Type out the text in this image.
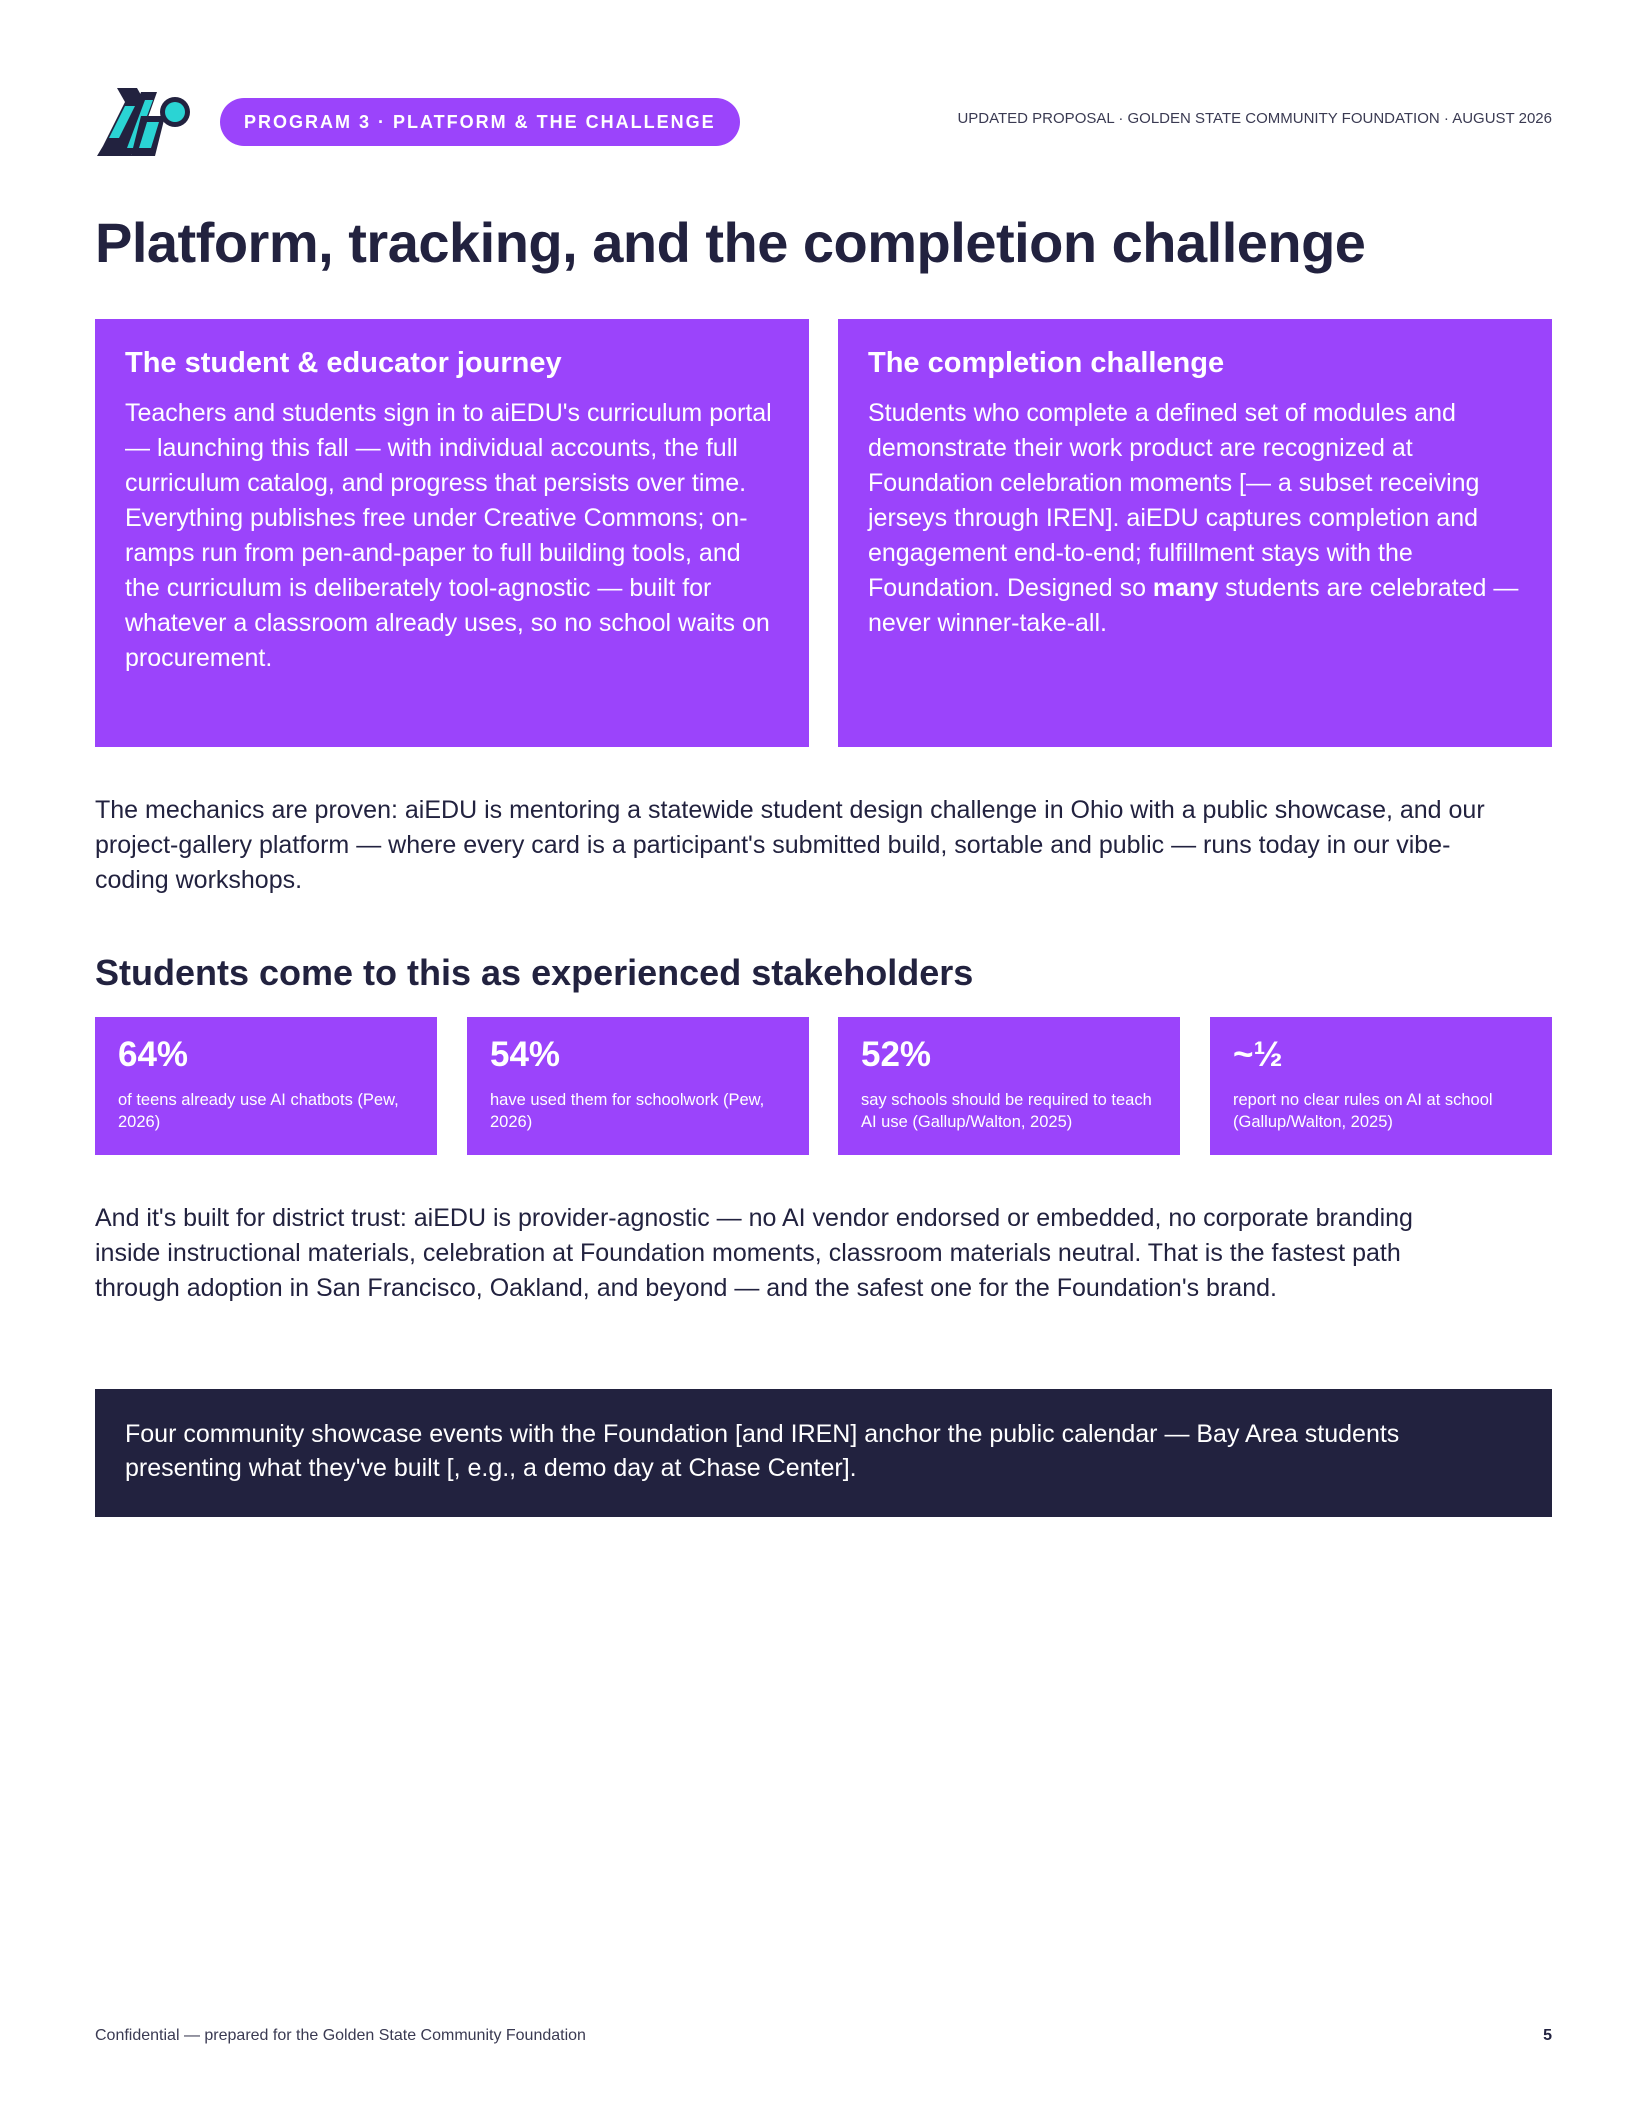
PROGRAM 3 · PLATFORM & THE CHALLENGE	UPDATED PROPOSAL · GOLDEN STATE COMMUNITY FOUNDATION · AUGUST 2026
Platform, tracking, and the completion challenge
The student & educator journey

Teachers and students sign in to aiEDU's curriculum portal — launching this fall — with individual accounts, the full curriculum catalog, and progress that persists over time. Everything publishes free under Creative Commons; on-ramps run from pen-and-paper to full building tools, and the curriculum is deliberately tool-agnostic — built for whatever a classroom already uses, so no school waits on procurement.

The completion challenge

Students who complete a defined set of modules and demonstrate their work product are recognized at Foundation celebration moments [— a subset receiving jerseys through IREN]. aiEDU captures completion and engagement end-to-end; fulfillment stays with the Foundation. Designed so many students are celebrated — never winner-take-all.

The mechanics are proven: aiEDU is mentoring a statewide student design challenge in Ohio with a public showcase, and our project-gallery platform — where every card is a participant's submitted build, sortable and public — runs today in our vibe-coding workshops.

Students come to this as experienced stakeholders
64%
of teens already use AI chatbots (Pew, 2026)
54%
have used them for schoolwork (Pew, 2026)
52%
say schools should be required to teach AI use (Gallup/Walton, 2025)
~½
report no clear rules on AI at school (Gallup/Walton, 2025)

And it's built for district trust: aiEDU is provider-agnostic — no AI vendor endorsed or embedded, no corporate branding inside instructional materials, celebration at Foundation moments, classroom materials neutral. That is the fastest path through adoption in San Francisco, Oakland, and beyond — and the safest one for the Foundation's brand.

Four community showcase events with the Foundation [and IREN] anchor the public calendar — Bay Area students presenting what they've built [, e.g., a demo day at Chase Center].
Confidential — prepared for the Golden State Community Foundation	5
